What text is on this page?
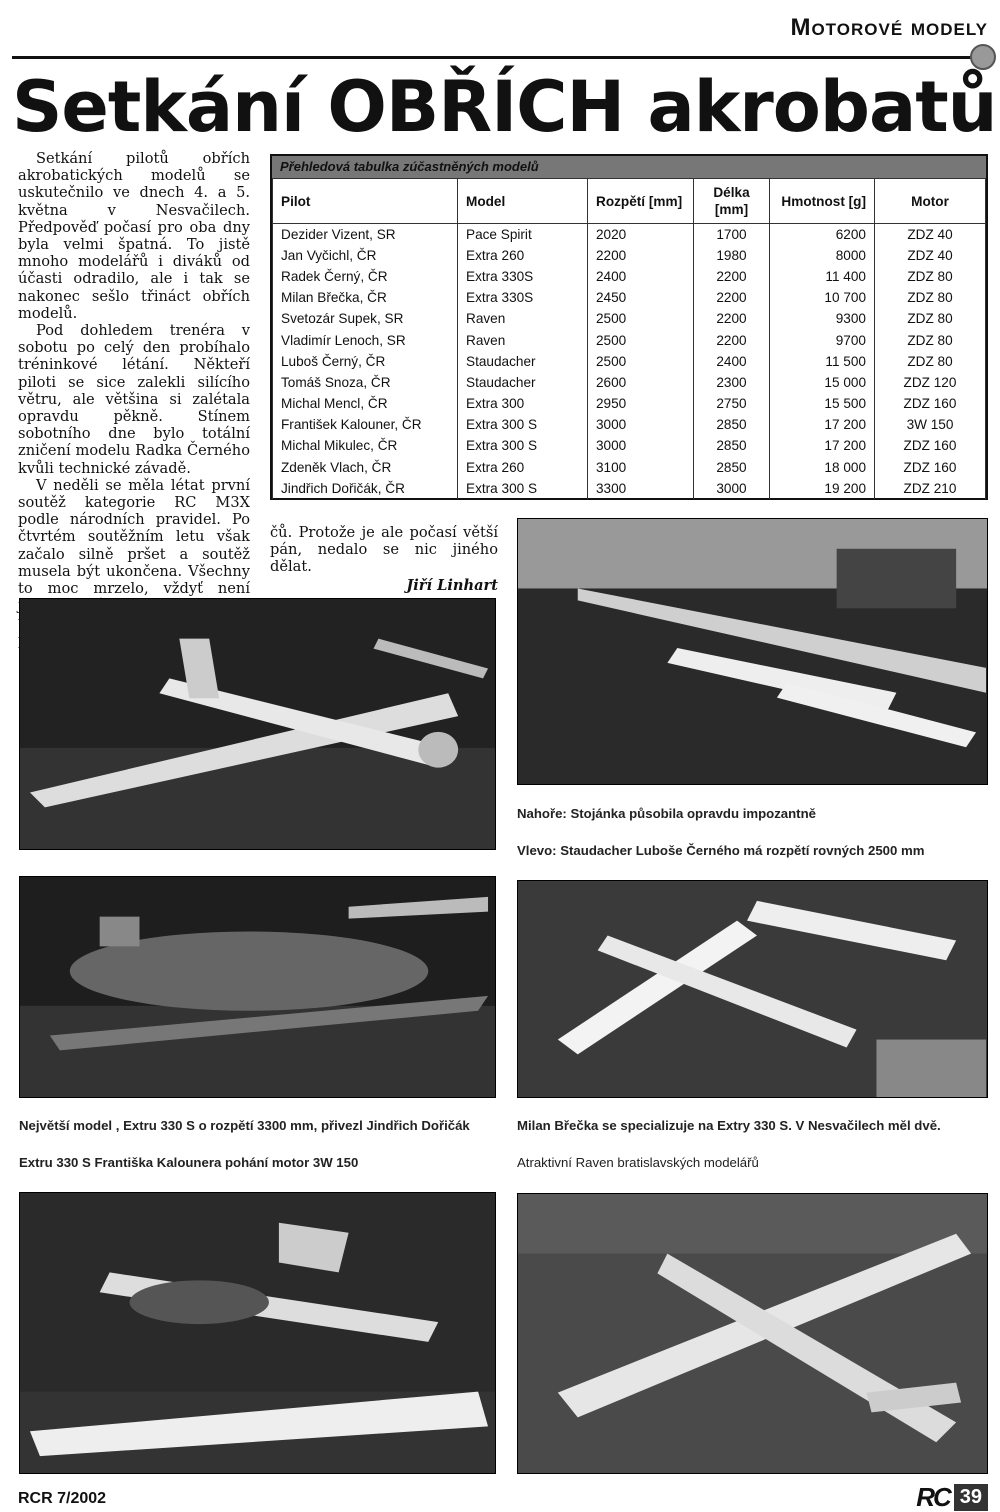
Motorové modely
Setkání OBŘÍCH akrobatů

Setkání pilotů obřích akrobatických modelů se uskutečnilo ve dnech 4. a 5. května v Nesvačilech. Předpověď počasí pro oba dny byla velmi špatná. To jistě mnoho modelářů i diváků od účasti odradilo, ale i tak se nakonec sešlo třináct obřích modelů.

Pod dohledem trenéra v sobotu po celý den probíhalo tréninkové létání. Někteří piloti se sice zalekli silícího větru, ale většina si zalétala opravdu pěkně. Stínem sobotního dne bylo totální zničení modelu Radka Černého kvůli technické závadě.

V neděli se měla létat první soutěž kategorie RC M3X podle národních pravidel. Po čtvrtém soutěžním letu však začalo silně pršet a soutěž musela být ukončena. Všechny to moc mrzelo, vždyť není

čů. Protože je ale počasí větší pán, nedalo se nic jiného dělat.
Jiří Linhart
Přehledová tabulka zúčastněných modelů
Pilot	Model	Rozpětí [mm]	Délka [mm]	Hmotnost [g]	Motor
Dezider Vizent, SR	Pace Spirit	2020	1700	6200	ZDZ 40
Jan Vyčichl, ČR	Extra 260	2200	1980	8000	ZDZ 40
Radek Černý, ČR	Extra 330S	2400	2200	11 400	ZDZ 80
Milan Břečka, ČR	Extra 330S	2450	2200	10 700	ZDZ 80
Svetozár Supek, SR	Raven	2500	2200	9300	ZDZ 80
Vladimír Lenoch, SR	Raven	2500	2200	9700	ZDZ 80
Luboš Černý, ČR	Staudacher	2500	2400	11 500	ZDZ 80
Tomáš Snoza, ČR	Staudacher	2600	2300	15 000	ZDZ 120
Michal Mencl, ČR	Extra 300	2950	2750	15 500	ZDZ 160
František Kalouner, ČR	Extra 300 S	3000	2850	17 200	3W 150
Michal Mikulec, ČR	Extra 300 S	3000	2850	17 200	ZDZ 160
Zdeněk Vlach, ČR	Extra 260	3100	2850	18 000	ZDZ 160
Jindřich Dořičák, ČR	Extra 300 S	3300	3000	19 200	ZDZ 210
Nahoře: Stojánka působila opravdu impozantně
Vlevo: Staudacher Luboše Černého má rozpětí rovných 2500 mm
Největší model , Extru 330 S o rozpětí 3300 mm, přivezl Jindřich Dořičák
Extru 330 S Františka Kalounera pohání motor 3W 150
Milan Břečka se specializuje na Extry 330 S. V Nesvačilech měl dvě.
Atraktivní Raven bratislavských modelářů
RCR 7/2002	RC 39
